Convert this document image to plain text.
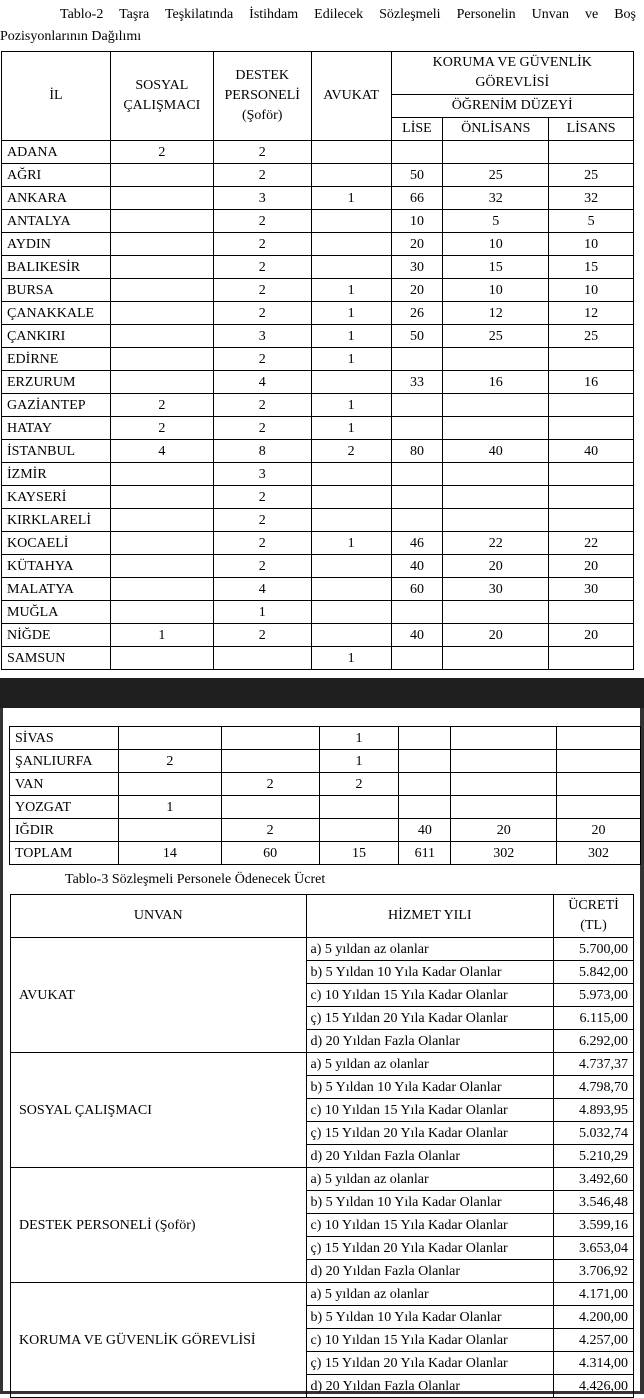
Tablo-2 Taşra Teşkilatında İstihdam Edilecek Sözleşmeli Personelin Unvan ve Boş
Pozisyonlarının Dağılımı
İL	SOSYAL ÇALIŞMACI	DESTEK PERSONELİ (Şoför)	AVUKAT	KORUMA VE GÜVENLİK GÖREVLİSİ		
				ÖĞRENİM DÜZEYİ		
				LİSE	ÖNLİSANS	LİSANS
ADANA	2	2				
AĞRI		2		50	25	25
ANKARA		3	1	66	32	32
ANTALYA		2		10	5	5
AYDIN		2		20	10	10
BALIKESİR		2		30	15	15
BURSA		2	1	20	10	10
ÇANAKKALE		2	1	26	12	12
ÇANKIRI		3	1	50	25	25
EDİRNE		2	1			
ERZURUM		4		33	16	16
GAZİANTEP	2	2	1			
HATAY	2	2	1			
İSTANBUL	4	8	2	80	40	40
İZMİR		3				
KAYSERİ		2				
KIRKLARELİ		2				
KOCAELİ		2	1	46	22	22
KÜTAHYA		2		40	20	20
MALATYA		4		60	30	30
MUĞLA		1				
NİĞDE	1	2		40	20	20
SAMSUN			1			
SİVAS			1			
ŞANLIURFA	2		1			
VAN		2	2			
YOZGAT	1					
IĞDIR		2		40	20	20
TOPLAM	14	60	15	611	302	302
Tablo-3 Sözleşmeli Personele Ödenecek Ücret
UNVAN	HİZMET YILI	ÜCRETİ (TL)
AVUKAT	a) 5 yıldan az olanlar	5.700,00
	b) 5 Yıldan 10 Yıla Kadar Olanlar	5.842,00
	c) 10 Yıldan 15 Yıla Kadar Olanlar	5.973,00
	ç) 15 Yıldan 20 Yıla Kadar Olanlar	6.115,00
	d) 20 Yıldan Fazla Olanlar	6.292,00
SOSYAL ÇALIŞMACI	a) 5 yıldan az olanlar	4.737,37
	b) 5 Yıldan 10 Yıla Kadar Olanlar	4.798,70
	c) 10 Yıldan 15 Yıla Kadar Olanlar	4.893,95
	ç) 15 Yıldan 20 Yıla Kadar Olanlar	5.032,74
	d) 20 Yıldan Fazla Olanlar	5.210,29
DESTEK PERSONELİ (Şoför)	a) 5 yıldan az olanlar	3.492,60
	b) 5 Yıldan 10 Yıla Kadar Olanlar	3.546,48
	c) 10 Yıldan 15 Yıla Kadar Olanlar	3.599,16
	ç) 15 Yıldan 20 Yıla Kadar Olanlar	3.653,04
	d) 20 Yıldan Fazla Olanlar	3.706,92
KORUMA VE GÜVENLİK GÖREVLİSİ	a) 5 yıldan az olanlar	4.171,00
	b) 5 Yıldan 10 Yıla Kadar Olanlar	4.200,00
	c) 10 Yıldan 15 Yıla Kadar Olanlar	4.257,00
	ç) 15 Yıldan 20 Yıla Kadar Olanlar	4.314,00
	d) 20 Yıldan Fazla Olanlar	4.426,00
